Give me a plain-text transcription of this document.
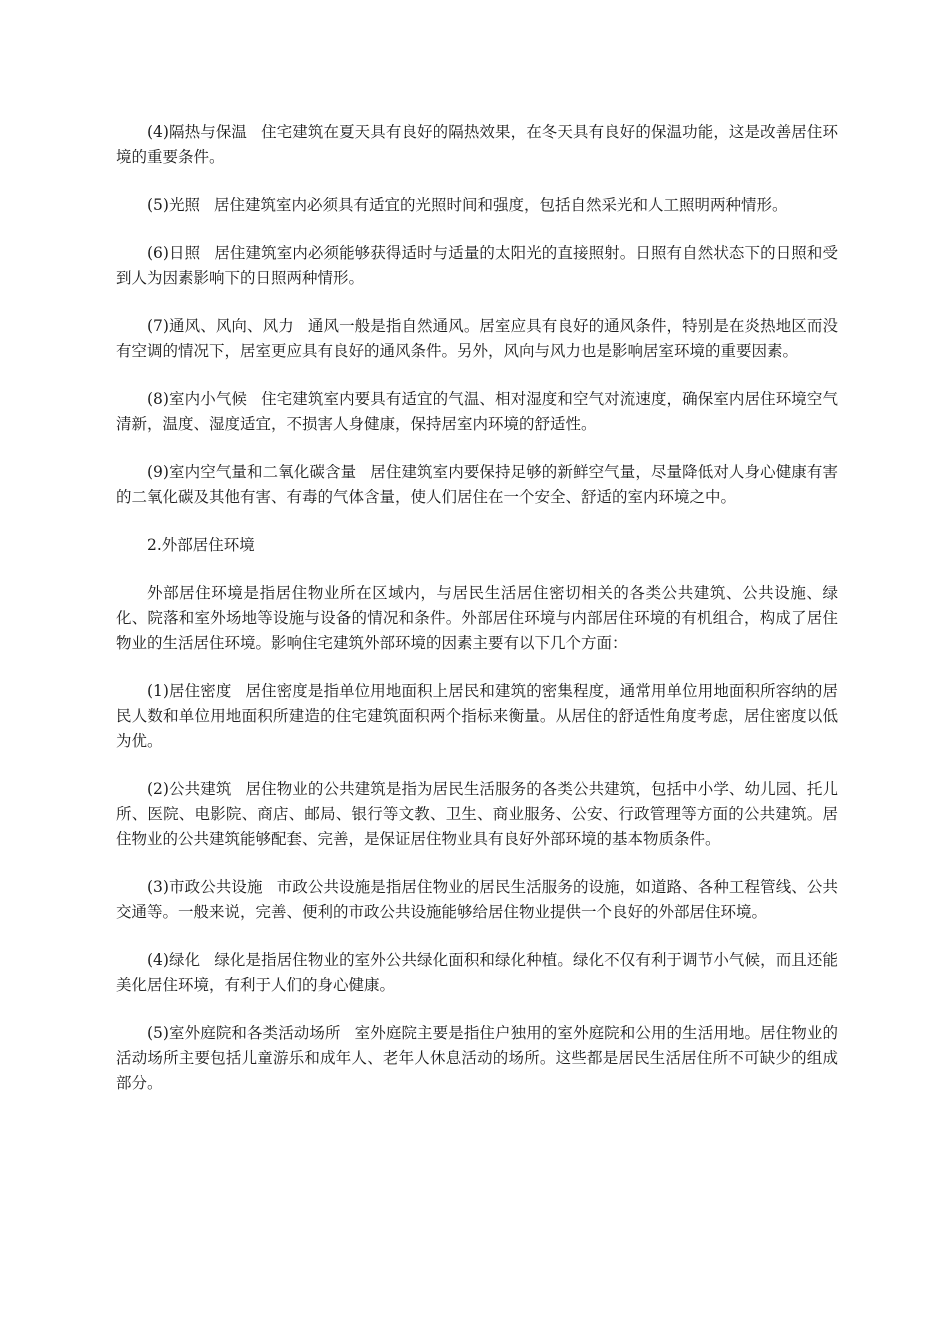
(4)隔热与保温 住宅建筑在夏天具有良好的隔热效果，在冬天具有良好的保温功能，这是改善居住环境的重要条件。

(5)光照 居住建筑室内必须具有适宜的光照时间和强度，包括自然采光和人工照明两种情形。

(6)日照 居住建筑室内必须能够获得适时与适量的太阳光的直接照射。日照有自然状态下的日照和受到人为因素影响下的日照两种情形。

(7)通风、风向、风力 通风一般是指自然通风。居室应具有良好的通风条件，特别是在炎热地区而没有空调的情况下，居室更应具有良好的通风条件。另外，风向与风力也是影响居室环境的重要因素。

(8)室内小气候 住宅建筑室内要具有适宜的气温、相对湿度和空气对流速度，确保室内居住环境空气清新，温度、湿度适宜，不损害人身健康，保持居室内环境的舒适性。

(9)室内空气量和二氧化碳含量 居住建筑室内要保持足够的新鲜空气量，尽量降低对人身心健康有害的二氧化碳及其他有害、有毒的气体含量，使人们居住在一个安全、舒适的室内环境之中。

2.外部居住环境

外部居住环境是指居住物业所在区域内，与居民生活居住密切相关的各类公共建筑、公共设施、绿化、院落和室外场地等设施与设备的情况和条件。外部居住环境与内部居住环境的有机组合，构成了居住物业的生活居住环境。影响住宅建筑外部环境的因素主要有以下几个方面：

(1)居住密度 居住密度是指单位用地面积上居民和建筑的密集程度，通常用单位用地面积所容纳的居民人数和单位用地面积所建造的住宅建筑面积两个指标来衡量。从居住的舒适性角度考虑，居住密度以低为优。

(2)公共建筑 居住物业的公共建筑是指为居民生活服务的各类公共建筑，包括中小学、幼儿园、托儿所、医院、电影院、商店、邮局、银行等文教、卫生、商业服务、公安、行政管理等方面的公共建筑。居住物业的公共建筑能够配套、完善，是保证居住物业具有良好外部环境的基本物质条件。

(3)市政公共设施 市政公共设施是指居住物业的居民生活服务的设施，如道路、各种工程管线、公共交通等。一般来说，完善、便利的市政公共设施能够给居住物业提供一个良好的外部居住环境。

(4)绿化 绿化是指居住物业的室外公共绿化面积和绿化种植。绿化不仅有利于调节小气候，而且还能美化居住环境，有利于人们的身心健康。

(5)室外庭院和各类活动场所 室外庭院主要是指住户独用的室外庭院和公用的生活用地。居住物业的活动场所主要包括儿童游乐和成年人、老年人休息活动的场所。这些都是居民生活居住所不可缺少的组成部分。
